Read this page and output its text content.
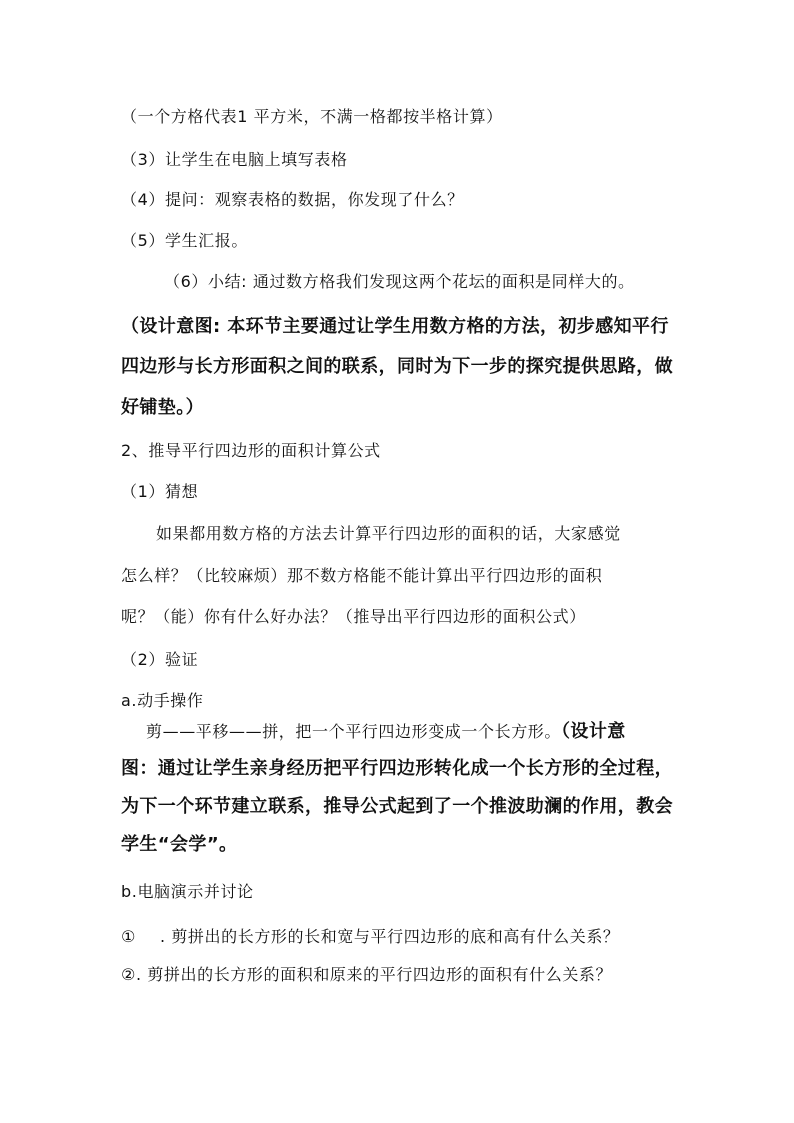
（一个方格代表1 平方米，不满一格都按半格计算）
（3）让学生在电脑上填写表格
（4）提问：观察表格的数据，你发现了什么？
（5）学生汇报。
（6）小结: 通过数方格我们发现这两个花坛的面积是同样大的。
（设计意图: 本环节主要通过让学生用数方格的方法，初步感知平行
四边形与长方形面积之间的联系，同时为下一步的探究提供思路，做
好铺垫。）
2、推导平行四边形的面积计算公式
（1）猜想
如果都用数方格的方法去计算平行四边形的面积的话，大家感觉
怎么样？（比较麻烦）那不数方格能不能计算出平行四边形的面积
呢？（能）你有什么好办法？（推导出平行四边形的面积公式）
（2）验证
a.动手操作
剪——平移——拼，把一个平行四边形变成一个长方形。（设计意
图：通过让学生亲身经历把平行四边形转化成一个长方形的全过程，
为下一个环节建立联系，推导公式起到了一个推波助澜的作用，教会
学生“会学”。
b.电脑演示并讨论
① . 剪拼出的长方形的长和宽与平行四边形的底和高有什么关系？
②. 剪拼出的长方形的面积和原来的平行四边形的面积有什么关系？
